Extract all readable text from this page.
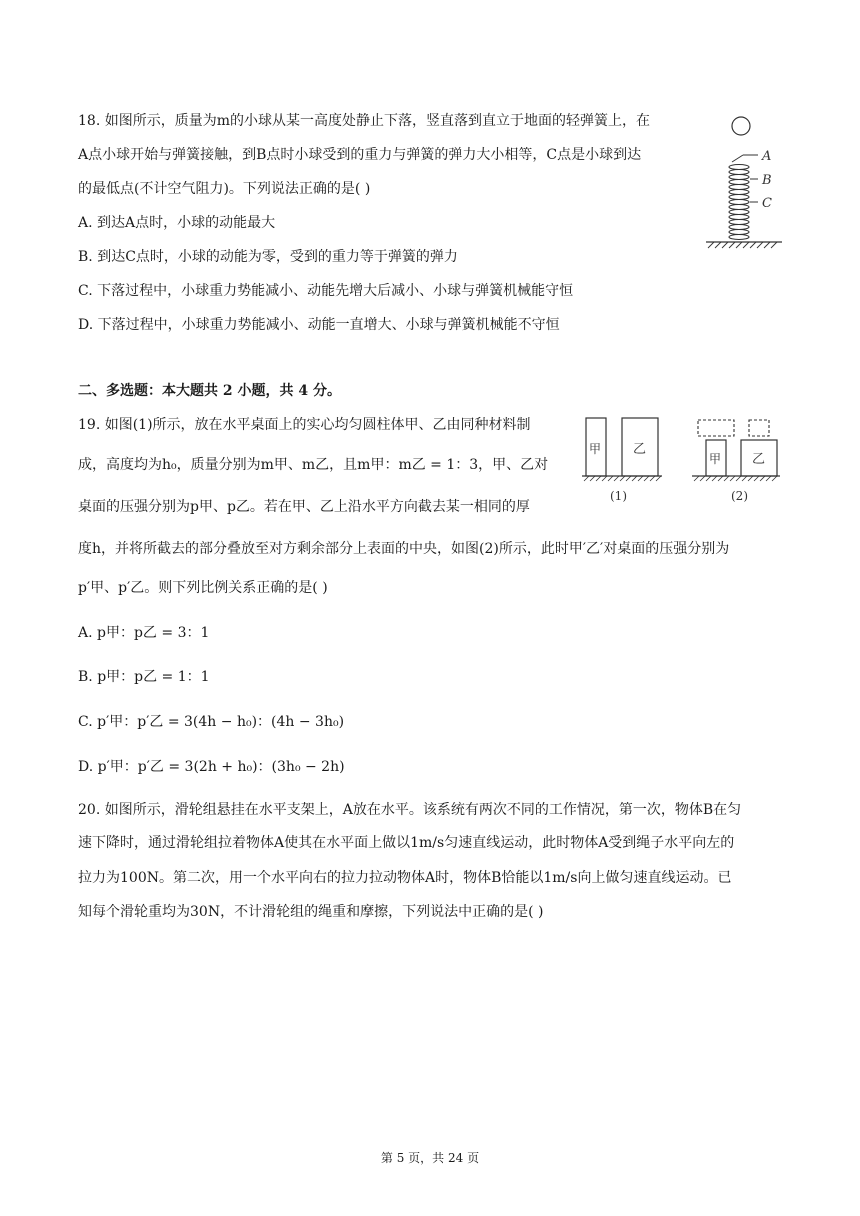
18. 如图所示，质量为m的小球从某一高度处静止下落，竖直落到直立于地面的轻弹簧上，在
A点小球开始与弹簧接触，到B点时小球受到的重力与弹簧的弹力大小相等，C点是小球到达
的最低点(不计空气阻力)。下列说法正确的是( )
A. 到达A点时，小球的动能最大
B. 到达C点时，小球的动能为零，受到的重力等于弹簧的弹力
C. 下落过程中，小球重力势能减小、动能先增大后减小、小球与弹簧机械能守恒
D. 下落过程中，小球重力势能减小、动能一直增大、小球与弹簧机械能不守恒
A
B
C
二、多选题：本大题共 2 小题，共 4 分。
19. 如图(1)所示，放在水平桌面上的实心均匀圆柱体甲、乙由同种材料制
成，高度均为h₀，质量分别为m甲、m乙，且m甲：m乙 = 1：3，甲、乙对
桌面的压强分别为p甲、p乙。若在甲、乙上沿水平方向截去某一相同的厚
度h，并将所截去的部分叠放至对方剩余部分上表面的中央，如图(2)所示，此时甲′乙′对桌面的压强分别为
p′甲、p′乙。则下列比例关系正确的是( )
A. p甲：p乙 = 3：1
B. p甲：p乙 = 1：1
C. p′甲：p′乙 = 3(4h − h₀)：(4h − 3h₀)
D. p′甲：p′乙 = 3(2h + h₀)：(3h₀ − 2h)
甲 乙
(1)
甲 乙
(2)
20. 如图所示，滑轮组悬挂在水平支架上，A放在水平。该系统有两次不同的工作情况，第一次，物体B在匀
速下降时，通过滑轮组拉着物体A使其在水平面上做以1m/s匀速直线运动，此时物体A受到绳子水平向左的
拉力为100N。第二次，用一个水平向右的拉力拉动物体A时，物体B恰能以1m/s向上做匀速直线运动。已
知每个滑轮重均为30N，不计滑轮组的绳重和摩擦，下列说法中正确的是( )
第 5 页，共 24 页
